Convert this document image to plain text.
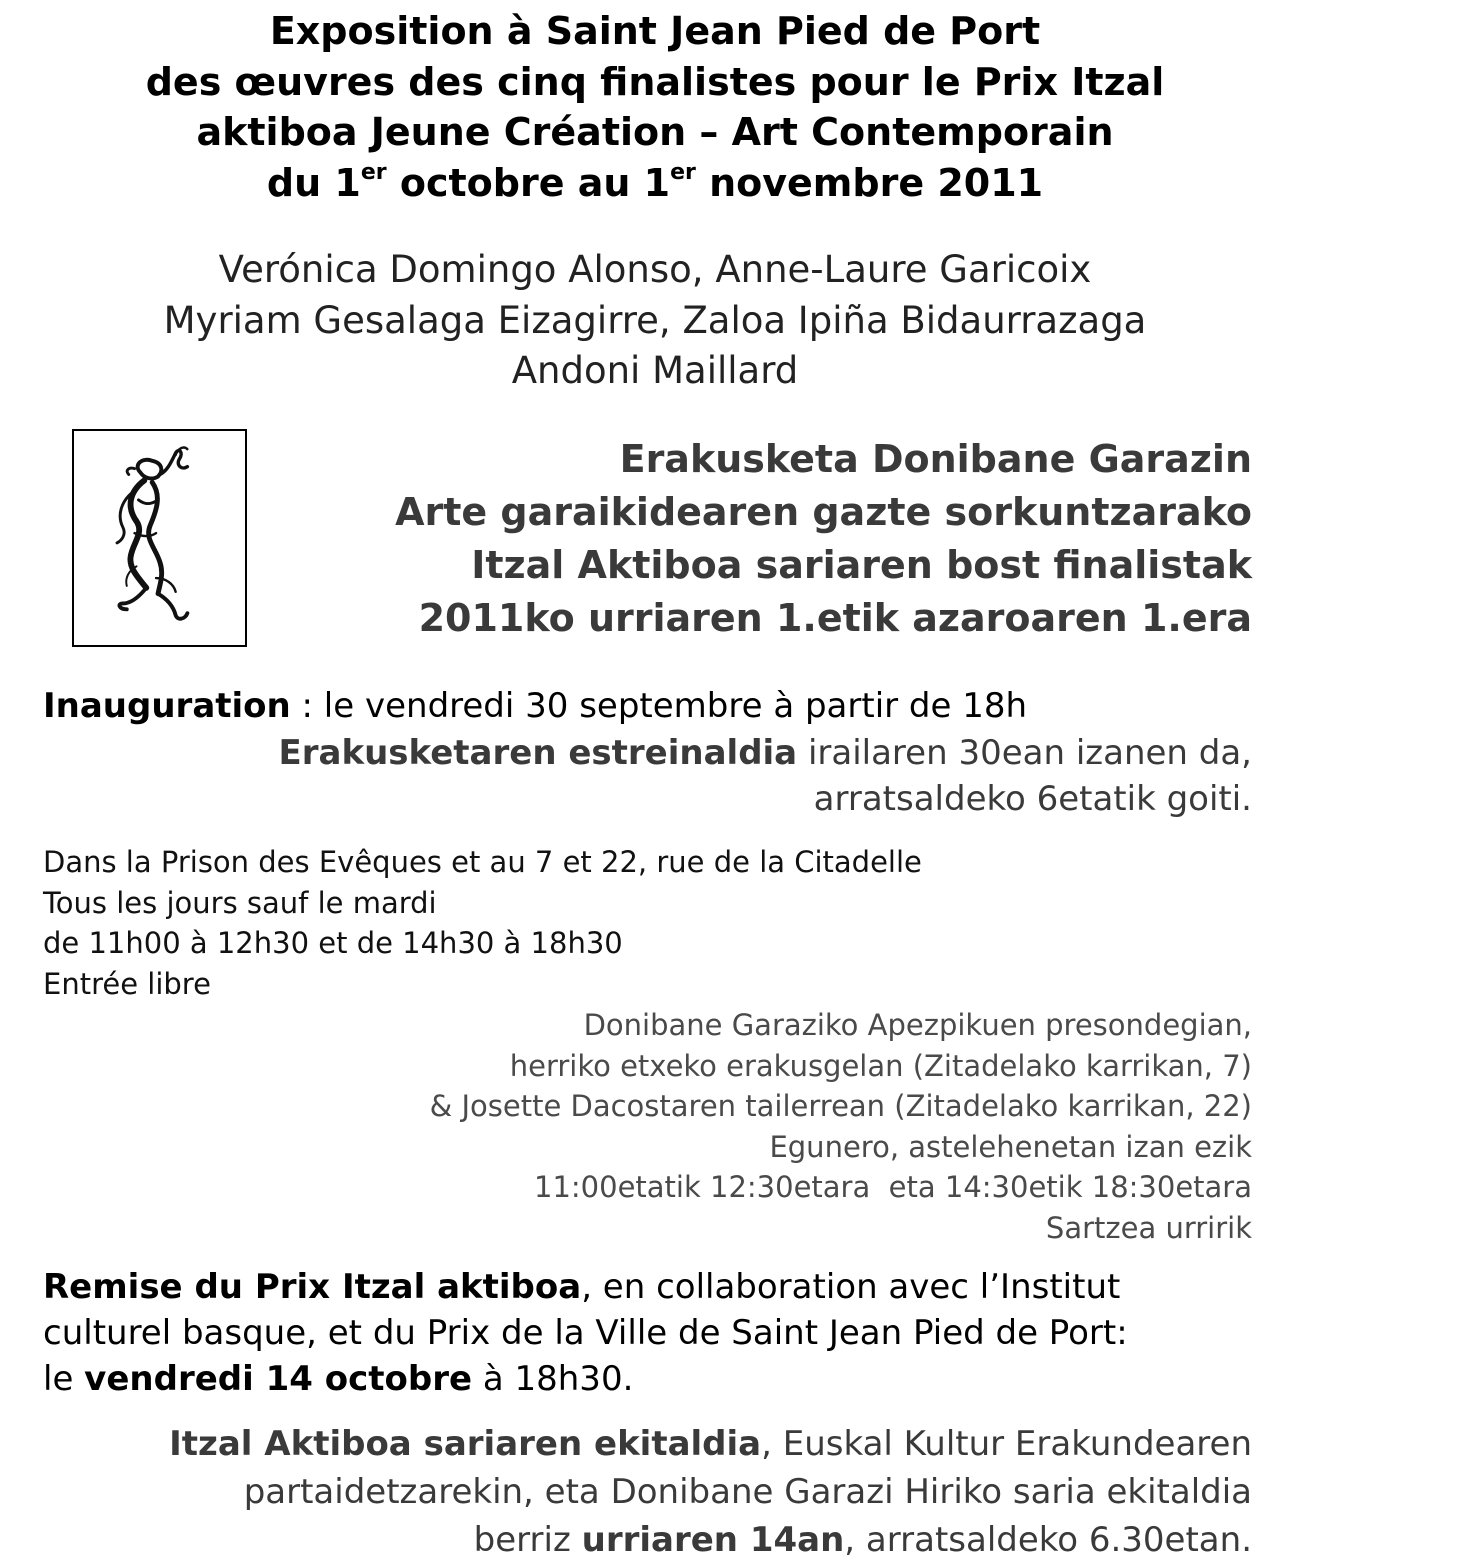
Exposition à Saint Jean Pied de Port
des œuvres des cinq finalistes pour le Prix Itzal
aktiboa Jeune Création – Art Contemporain
du 1er octobre au 1er novembre 2011
Verónica Domingo Alonso, Anne-Laure Garicoix
Myriam Gesalaga Eizagirre, Zaloa Ipiña Bidaurrazaga
Andoni Maillard
Erakusketa Donibane Garazin
Arte garaikidearen gazte sorkuntzarako
Itzal Aktiboa sariaren bost finalistak
2011ko urriaren 1.etik azaroaren 1.era
Inauguration : le vendredi 30 septembre à partir de 18h
Erakusketaren estreinaldia irailaren 30ean izanen da,
arratsaldeko 6etatik goiti.
Dans la Prison des Evêques et au 7 et 22, rue de la Citadelle
Tous les jours sauf le mardi
de 11h00 à 12h30 et de 14h30 à 18h30
Entrée libre
Donibane Garaziko Apezpikuen presondegian,
herriko etxeko erakusgelan (Zitadelako karrikan, 7)
& Josette Dacostaren tailerrean (Zitadelako karrikan, 22)
Egunero, astelehenetan izan ezik
11:00etatik 12:30etara  eta 14:30etik 18:30etara
Sartzea urririk
Remise du Prix Itzal aktiboa, en collaboration avec l’Institut
culturel basque, et du Prix de la Ville de Saint Jean Pied de Port:
le vendredi 14 octobre à 18h30.
Itzal Aktiboa sariaren ekitaldia, Euskal Kultur Erakundearen
partaidetzarekin, eta Donibane Garazi Hiriko saria ekitaldia
berriz urriaren 14an, arratsaldeko 6.30etan.
